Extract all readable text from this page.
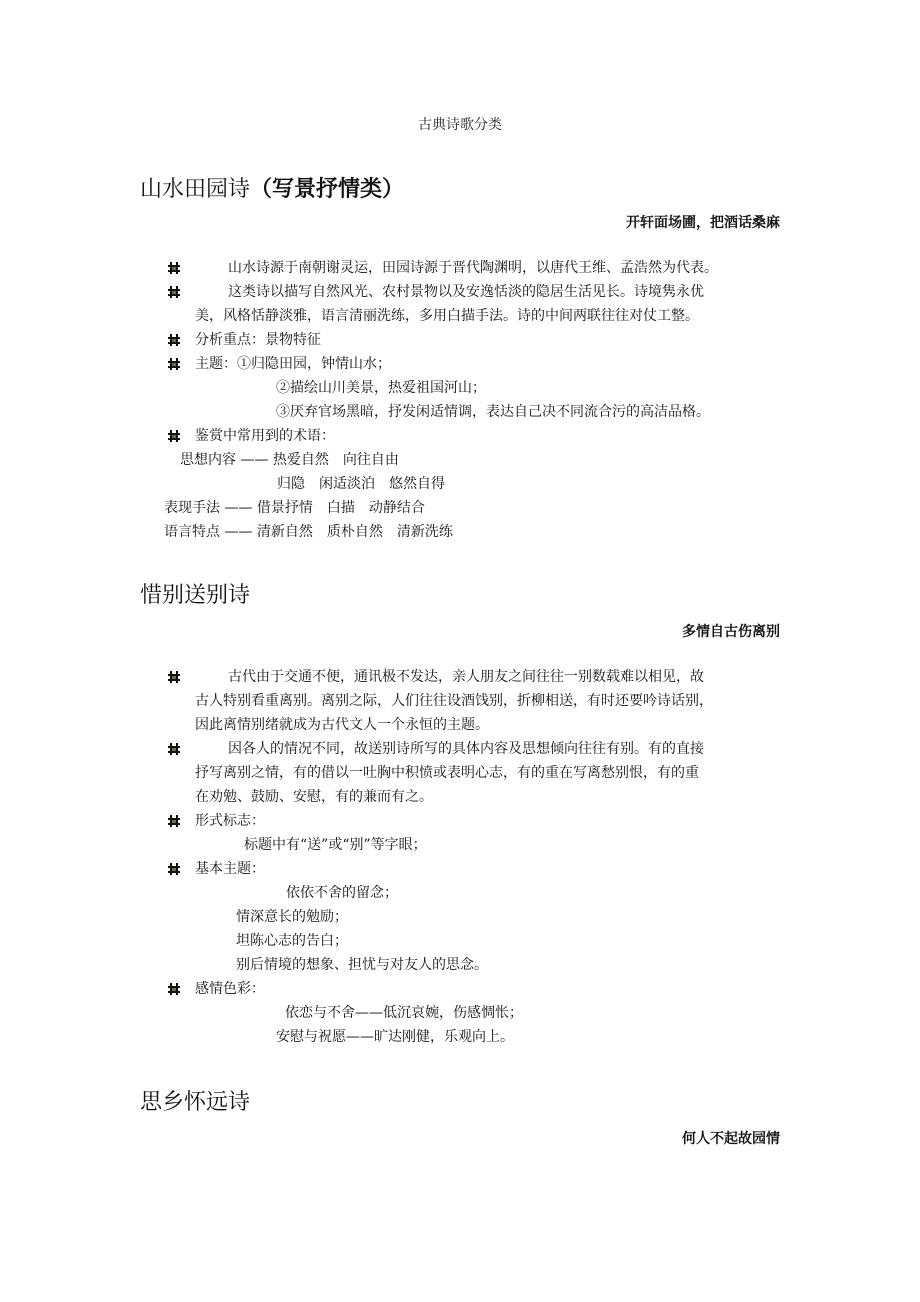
古典诗歌分类
山水田园诗（写景抒情类）
开轩面场圃，把酒话桑麻
山水诗源于南朝谢灵运，田园诗源于晋代陶渊明，以唐代王维、孟浩然为代表。
这类诗以描写自然风光、农村景物以及安逸恬淡的隐居生活见长。诗境隽永优
美，风格恬静淡雅，语言清丽洗练，多用白描手法。诗的中间两联往往对仗工整。
分析重点：景物特征
主题：①归隐田园，钟情山水；
②描绘山川美景，热爱祖国河山；
③厌弃官场黑暗，抒发闲适情调，表达自己决不同流合污的高洁品格。
鉴赏中常用到的术语：
思想内容 —— 热爱自然　向往自由
归隐　闲适淡泊　悠然自得
表现手法 —— 借景抒情　白描　动静结合
语言特点 —— 清新自然　质朴自然　清新洗练
惜别送别诗
多情自古伤离别
古代由于交通不便，通讯极不发达，亲人朋友之间往往一别数载难以相见，故
古人特别看重离别。离别之际，人们往往设酒饯别，折柳相送，有时还要吟诗话别，
因此离情别绪就成为古代文人一个永恒的主题。
因各人的情况不同，故送别诗所写的具体内容及思想倾向往往有别。有的直接
抒写离别之情，有的借以一吐胸中积愤或表明心志，有的重在写离愁别恨，有的重
在劝勉、鼓励、安慰，有的兼而有之。
形式标志：
标题中有“送”或“别”等字眼；
基本主题：
依依不舍的留念；
情深意长的勉励；
坦陈心志的告白；
别后情境的想象、担忧与对友人的思念。
感情色彩：
依恋与不舍——低沉哀婉，伤感惆怅；
安慰与祝愿——旷达刚健，乐观向上。
思乡怀远诗
何人不起故园情
